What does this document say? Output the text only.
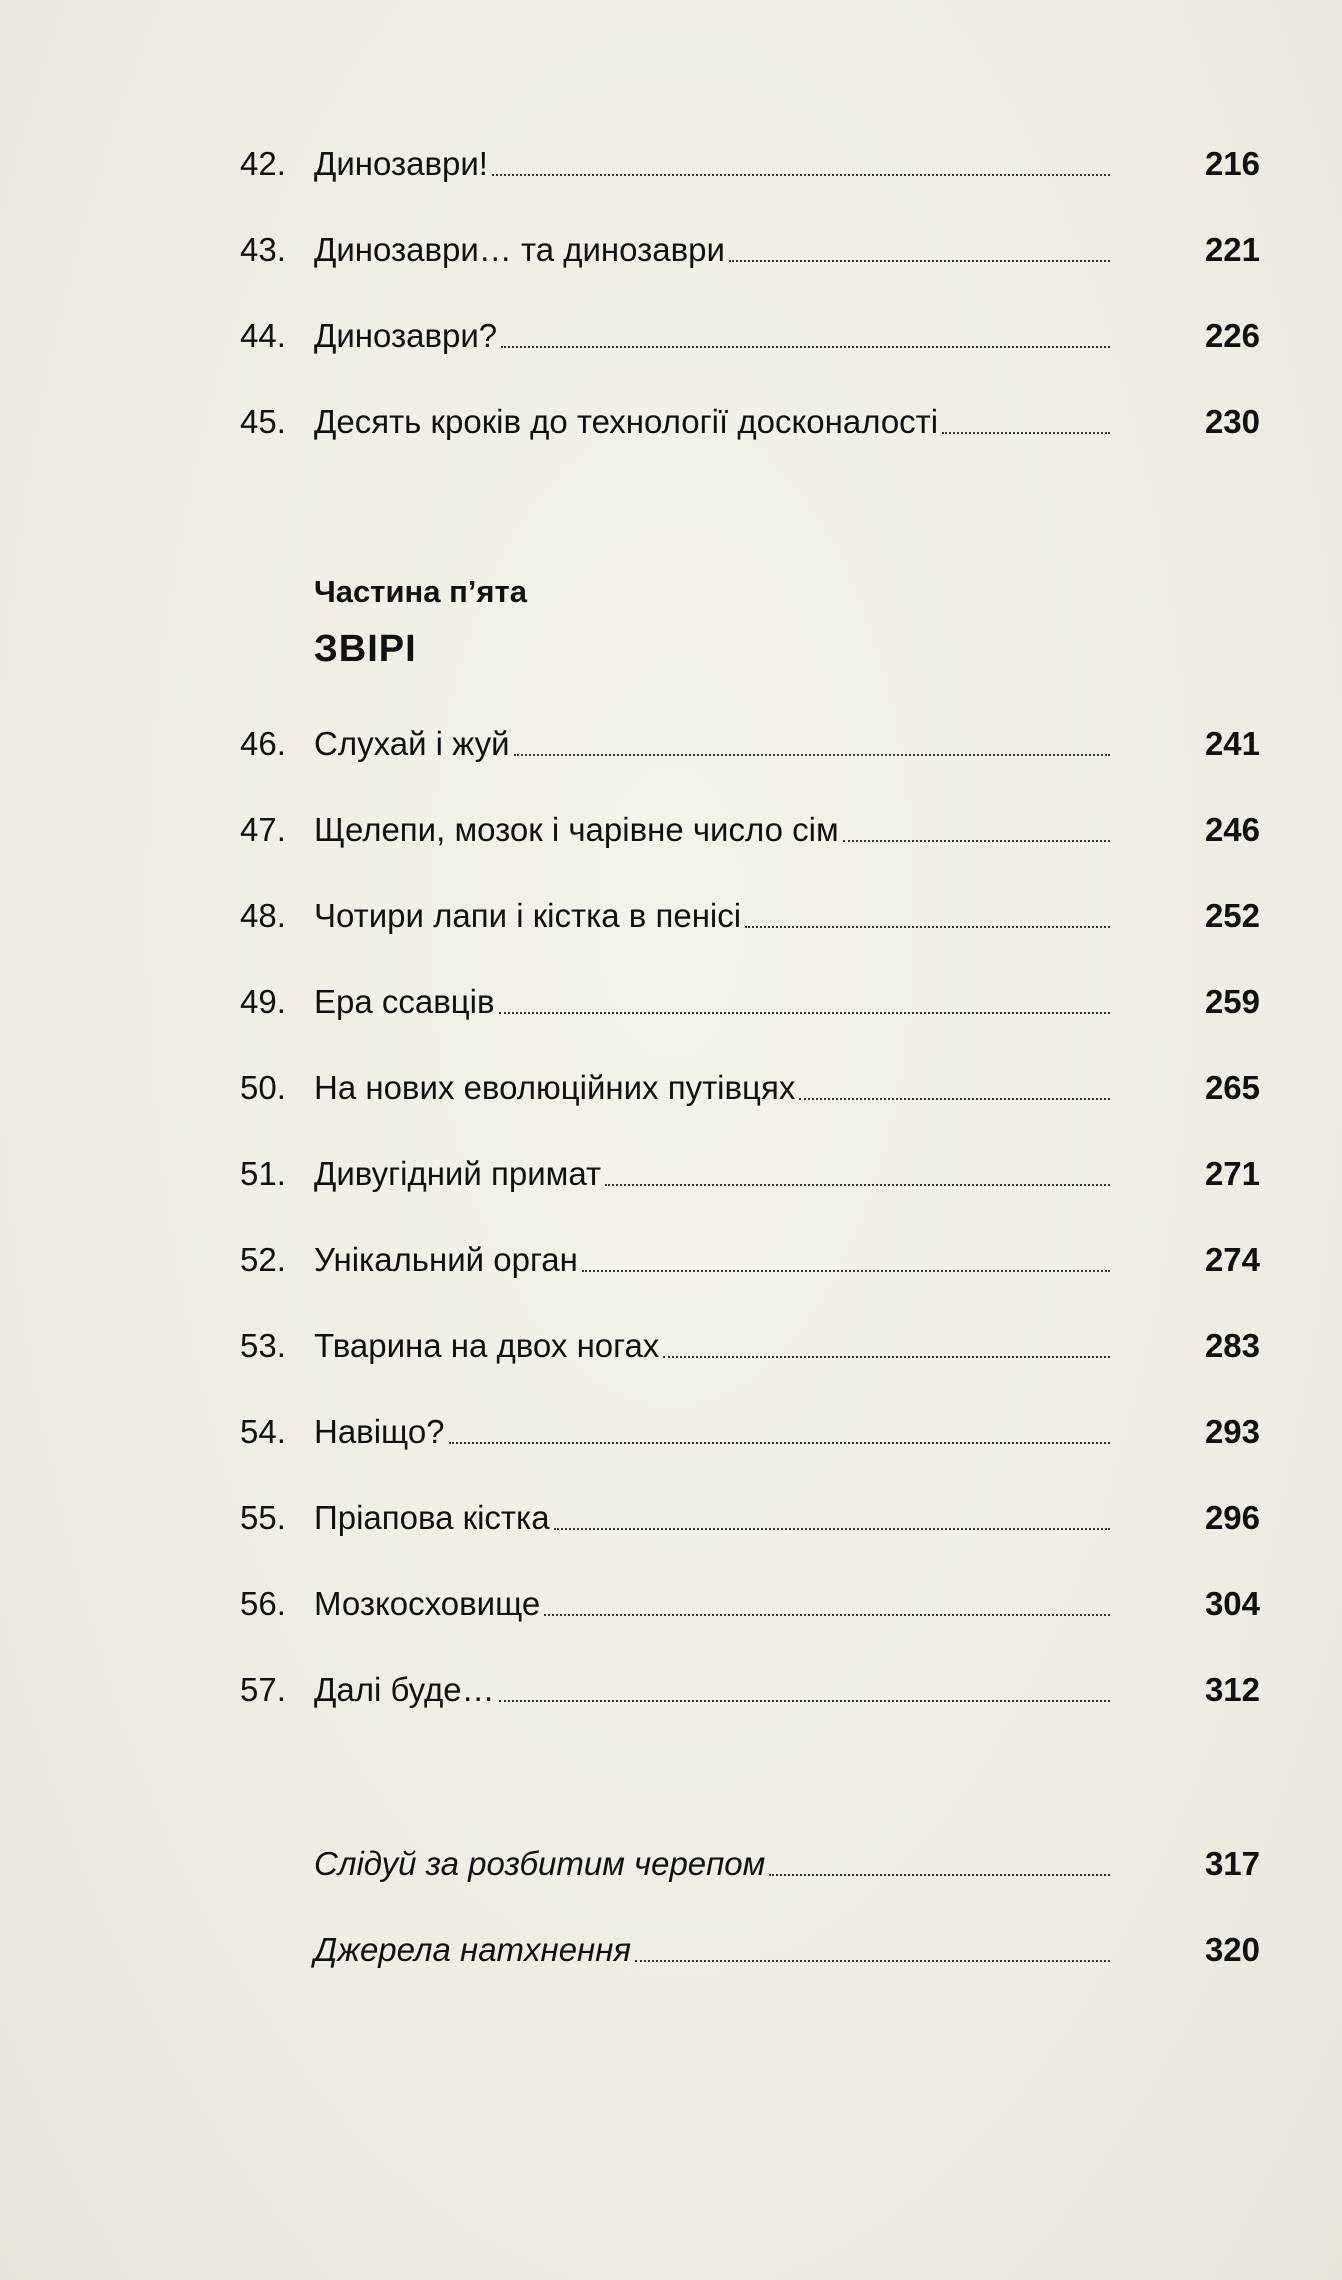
42. Динозаври!	216
43. Динозаври… та динозаври	221
44. Динозаври?	226
45. Десять кроків до технології досконалості	230
Частина п’ята
ЗВІРІ
46. Слухай і жуй	241
47. Щелепи, мозок і чарівне число сім	246
48. Чотири лапи і кістка в пенісі	252
49. Ера ссавців	259
50. На нових еволюційних путівцях	265
51. Дивугідний примат	271
52. Унікальний орган	274
53. Тварина на двох ногах	283
54. Навіщо?	293
55. Пріапова кістка	296
56. Мозкосховище	304
57. Далі буде…	312
Слідуй за розбитим черепом	317
Джерела натхнення	320
